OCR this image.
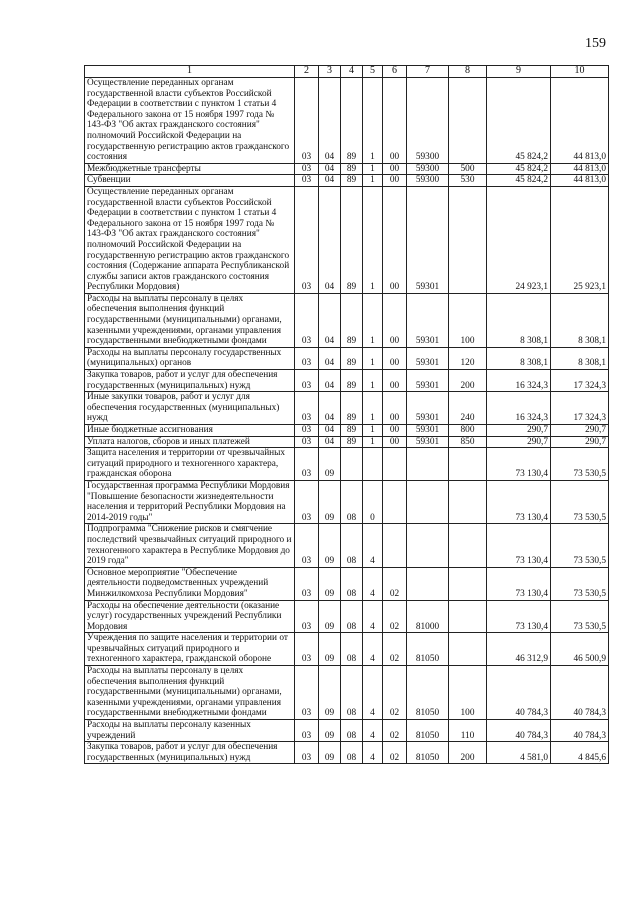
159
1	2	3	4	5	6	7	8	9	10
Осуществление переданных органам государственной власти субъектов Российской Федерации в соответствии с пунктом 1 статьи 4 Федерального закона от 15 ноября 1997 года № 143-ФЗ "Об актах гражданского состояния" полномочий Российской Федерации на государственную регистрацию актов гражданского состояния	03	04	89	1	00	59300		45 824,2	44 813,0
Межбюджетные трансферты	03	04	89	1	00	59300	500	45 824,2	44 813,0
Субвенции	03	04	89	1	00	59300	530	45 824,2	44 813,0
Осуществление переданных органам государственной власти субъектов Российской Федерации в соответствии с пунктом 1 статьи 4 Федерального закона от 15 ноября 1997 года № 143-ФЗ "Об актах гражданского состояния" полномочий Российской Федерации на государственную регистрацию актов гражданского состояния (Содержание аппарата Республиканской службы записи актов гражданского состояния Республики Мордовия)	03	04	89	1	00	59301		24 923,1	25 923,1
Расходы на выплаты персоналу в целях обеспечения выполнения функций государственными (муниципальными) органами, казенными учреждениями, органами управления государственными внебюджетными фондами	03	04	89	1	00	59301	100	8 308,1	8 308,1
Расходы на выплаты персоналу государственных (муниципальных) органов	03	04	89	1	00	59301	120	8 308,1	8 308,1
Закупка товаров, работ и услуг для обеспечения государственных (муниципальных) нужд	03	04	89	1	00	59301	200	16 324,3	17 324,3
Иные закупки товаров, работ и услуг для обеспечения государственных (муниципальных) нужд	03	04	89	1	00	59301	240	16 324,3	17 324,3
Иные бюджетные ассигнования	03	04	89	1	00	59301	800	290,7	290,7
Уплата налогов, сборов и иных платежей	03	04	89	1	00	59301	850	290,7	290,7
Защита населения и территории от чрезвычайных ситуаций природного и техногенного характера, гражданская оборона	03	09						73 130,4	73 530,5
Государственная программа Республики Мордовия "Повышение безопасности жизнедеятельности населения и территорий Республики Мордовия на 2014-2019 годы"	03	09	08	0				73 130,4	73 530,5
Подпрограмма "Снижение рисков и смягчение последствий чрезвычайных ситуаций природного и техногенного характера в Республике Мордовия до 2019 года"	03	09	08	4				73 130,4	73 530,5
Основное мероприятие "Обеспечение деятельности подведомственных учреждений Минжилкомхоза Республики Мордовия"	03	09	08	4	02			73 130,4	73 530,5
Расходы на обеспечение деятельности (оказание услуг) государственных учреждений Республики Мордовия	03	09	08	4	02	81000		73 130,4	73 530,5
Учреждения по защите населения и территории от чрезвычайных ситуаций природного и техногенного характера, гражданской обороне	03	09	08	4	02	81050		46 312,9	46 500,9
Расходы на выплаты персоналу в целях обеспечения выполнения функций государственными (муниципальными) органами, казенными учреждениями, органами управления государственными внебюджетными фондами	03	09	08	4	02	81050	100	40 784,3	40 784,3
Расходы на выплаты персоналу казенных учреждений	03	09	08	4	02	81050	110	40 784,3	40 784,3
Закупка товаров, работ и услуг для обеспечения государственных (муниципальных) нужд	03	09	08	4	02	81050	200	4 581,0	4 845,6
